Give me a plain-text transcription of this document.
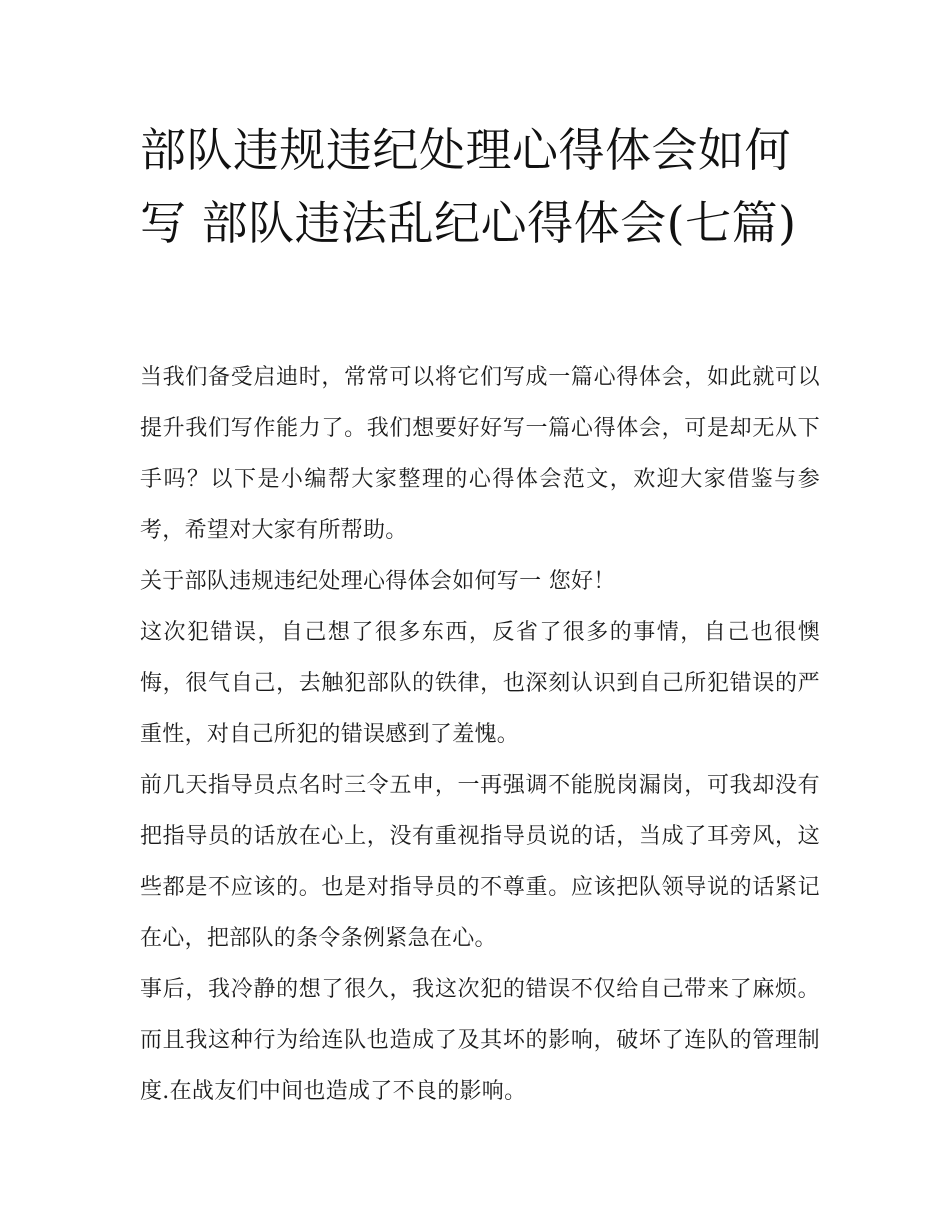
部队违规违纪处理心得体会如何写 部队违法乱纪心得体会(七篇)

当我们备受启迪时，常常可以将它们写成一篇心得体会，如此就可以提升我们写作能力了。我们想要好好写一篇心得体会，可是却无从下手吗？以下是小编帮大家整理的心得体会范文，欢迎大家借鉴与参考，希望对大家有所帮助。

关于部队违规违纪处理心得体会如何写一 您好！

这次犯错误，自己想了很多东西，反省了很多的事情，自己也很懊悔，很气自己，去触犯部队的铁律，也深刻认识到自己所犯错误的严重性，对自己所犯的错误感到了羞愧。

前几天指导员点名时三令五申，一再强调不能脱岗漏岗，可我却没有把指导员的话放在心上，没有重视指导员说的话，当成了耳旁风，这些都是不应该的。也是对指导员的不尊重。应该把队领导说的话紧记在心，把部队的条令条例紧急在心。

事后，我冷静的想了很久，我这次犯的错误不仅给自己带来了麻烦。而且我这种行为给连队也造成了及其坏的影响，破坏了连队的管理制度.在战友们中间也造成了不良的影响。
